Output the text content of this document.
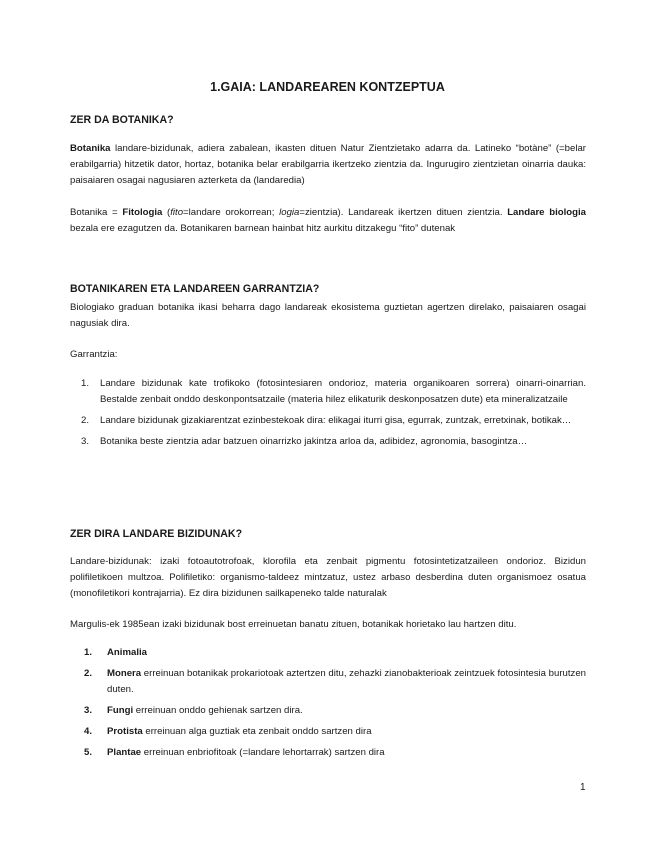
1.GAIA: LANDAREAREN KONTZEPTUA
ZER DA BOTANIKA?
Botanika landare-bizidunak, adiera zabalean, ikasten dituen Natur Zientzietako adarra da. Latineko “botàne” (=belar erabilgarria) hitzetik dator, hortaz, botanika belar erabilgarria ikertzeko zientzia da. Ingurugiro zientzietan oinarria dauka: paisaiaren osagai nagusiaren azterketa da (landaredia)
Botanika = Fitologia (fito=landare orokorrean; logia=zientzia). Landareak ikertzen dituen zientzia. Landare biologia bezala ere ezagutzen da. Botanikaren barnean hainbat hitz aurkitu ditzakegu “fito” dutenak
BOTANIKAREN ETA LANDAREEN GARRANTZIA?
Biologiako graduan botanika ikasi beharra dago landareak ekosistema guztietan agertzen direlako, paisaiaren osagai nagusiak dira.
Garrantzia:
1. Landare bizidunak kate trofikoko (fotosintesiaren ondorioz, materia organikoaren sorrera) oinarri-oinarrian. Bestalde zenbait onddo deskonpontsatzaile (materia hilez elikaturik deskonposatzen dute) eta mineralizatzaile
2. Landare bizidunak gizakiarentzat ezinbestekoak dira: elikagai iturri gisa, egurrak, zuntzak, erretxinak, botikak…
3. Botanika beste zientzia adar batzuen oinarrizko jakintza arloa da, adibidez, agronomia, basogintza…
ZER DIRA LANDARE BIZIDUNAK?
Landare-bizidunak: izaki fotoautotrofoak, klorofila eta zenbait pigmentu fotosintetizatzaileen ondorioz. Bizidun polifiletikoen multzoa. Polifiletiko: organismo-taldeez mintzatuz, ustez arbaso desberdina duten organismoez osatua (monofiletikori kontrajarria). Ez dira bizidunen sailkapeneko talde naturalak
Margulis-ek 1985ean izaki bizidunak bost erreinuetan banatu zituen, botanikak horietako lau hartzen ditu.
1. Animalia
2. Monera erreinuan botanikak prokariotoak aztertzen ditu, zehazki zianobakterioak zeintzuek fotosintesia burutzen duten.
3. Fungi erreinuan onddo gehienak sartzen dira.
4. Protista erreinuan alga guztiak eta zenbait onddo sartzen dira
5. Plantae erreinuan enbriofitoak (=landare lehortarrak) sartzen dira
1
